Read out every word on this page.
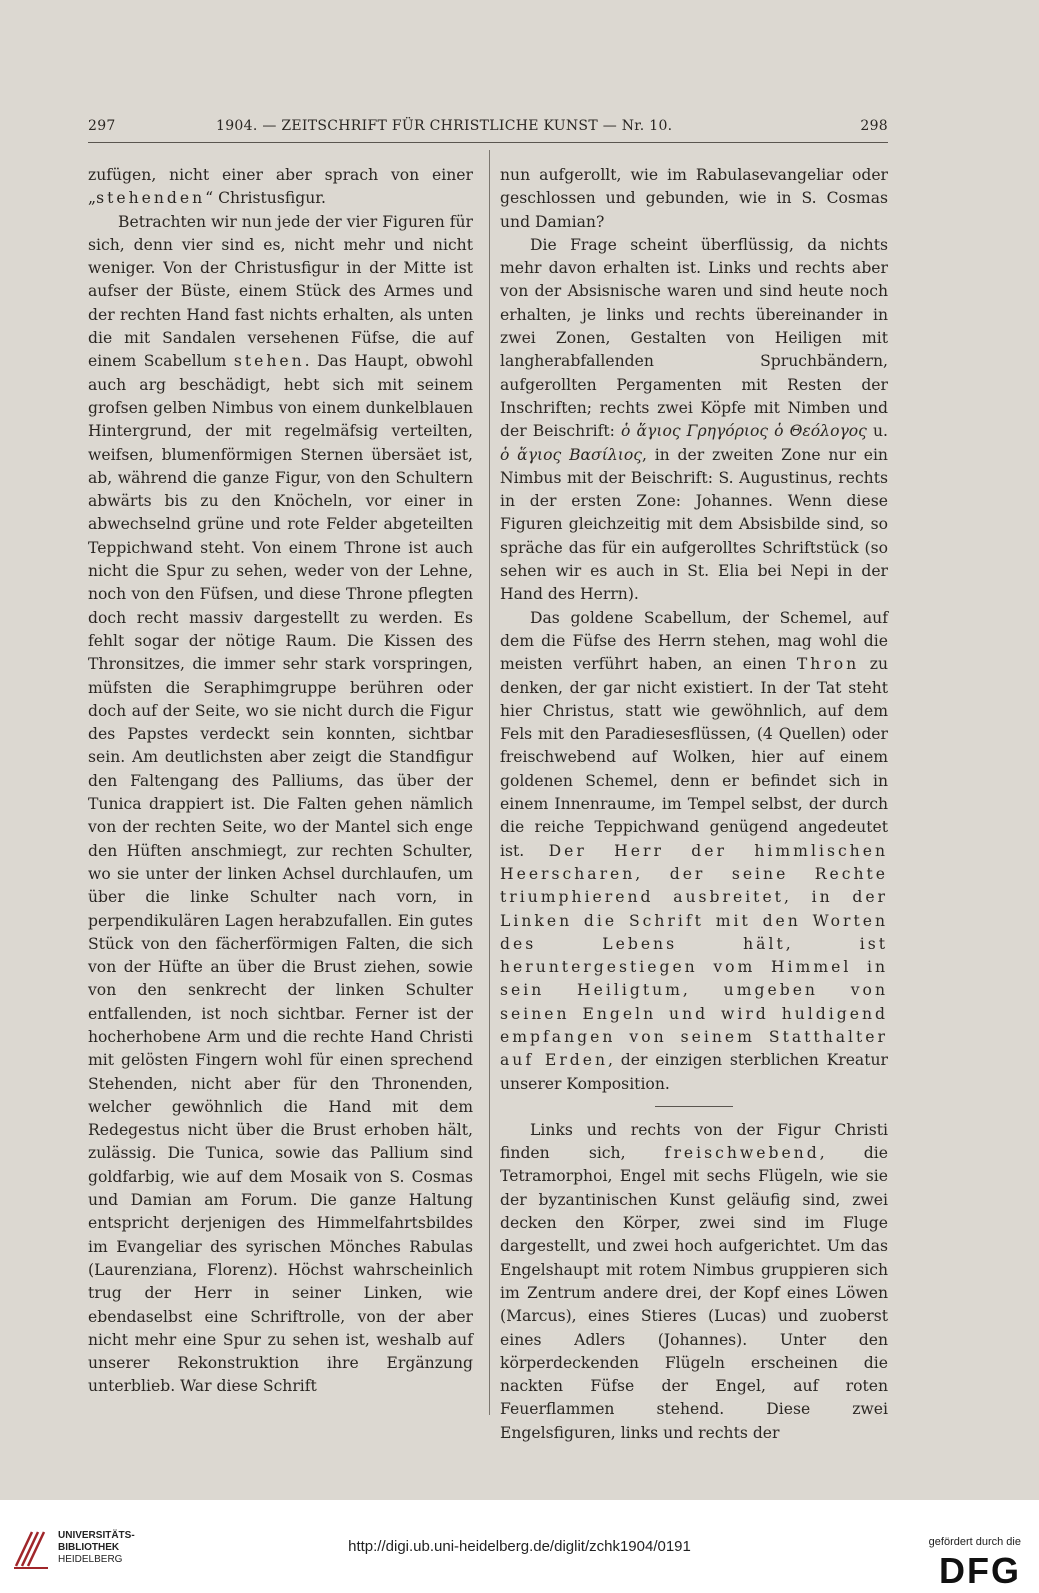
297	1904. — ZEITSCHRIFT FÜR CHRISTLICHE KUNST — Nr. 10.	298

zufügen, nicht einer aber sprach von einer „stehenden“ Christusfigur.

Betrachten wir nun jede der vier Figuren für sich, denn vier sind es, nicht mehr und nicht weniger. Von der Christusfigur in der Mitte ist aufser der Büste, einem Stück des Armes und der rechten Hand fast nichts erhalten, als unten die mit Sandalen versehenen Füfse, die auf einem Scabellum stehen. Das Haupt, obwohl auch arg beschädigt, hebt sich mit seinem grofsen gelben Nimbus von einem dunkelblauen Hintergrund, der mit regelmäfsig verteilten, weifsen, blumenförmigen Sternen übersäet ist, ab, während die ganze Figur, von den Schultern abwärts bis zu den Knöcheln, vor einer in abwechselnd grüne und rote Felder abgeteilten Teppichwand steht. Von einem Throne ist auch nicht die Spur zu sehen, weder von der Lehne, noch von den Füfsen, und diese Throne pflegten doch recht massiv dargestellt zu werden. Es fehlt sogar der nötige Raum. Die Kissen des Thronsitzes, die immer sehr stark vorspringen, müfsten die Seraphimgruppe berühren oder doch auf der Seite, wo sie nicht durch die Figur des Papstes verdeckt sein konnten, sichtbar sein. Am deutlichsten aber zeigt die Standfigur den Faltengang des Palliums, das über der Tunica drappiert ist. Die Falten gehen nämlich von der rechten Seite, wo der Mantel sich enge den Hüften anschmiegt, zur rechten Schulter, wo sie unter der linken Achsel durchlaufen, um über die linke Schulter nach vorn, in perpendikulären Lagen herabzufallen. Ein gutes Stück von den fächerförmigen Falten, die sich von der Hüfte an über die Brust ziehen, sowie von den senkrecht der linken Schulter entfallenden, ist noch sichtbar. Ferner ist der hocherhobene Arm und die rechte Hand Christi mit gelösten Fingern wohl für einen sprechend Stehenden, nicht aber für den Thronenden, welcher gewöhnlich die Hand mit dem Redegestus nicht über die Brust erhoben hält, zulässig. Die Tunica, sowie das Pallium sind goldfarbig, wie auf dem Mosaik von S. Cosmas und Damian am Forum. Die ganze Haltung entspricht derjenigen des Himmelfahrtsbildes im Evangeliar des syrischen Mönches Rabulas (Laurenziana, Florenz). Höchst wahrscheinlich trug der Herr in seiner Linken, wie ebendaselbst eine Schriftrolle, von der aber nicht mehr eine Spur zu sehen ist, weshalb auf unserer Rekonstruktion ihre Ergänzung unterblieb. War diese Schrift

nun aufgerollt, wie im Rabulasevangeliar oder geschlossen und gebunden, wie in S. Cosmas und Damian?

Die Frage scheint überflüssig, da nichts mehr davon erhalten ist. Links und rechts aber von der Absisnische waren und sind heute noch erhalten, je links und rechts übereinander in zwei Zonen, Gestalten von Heiligen mit langherabfallenden Spruchbändern, aufgerollten Pergamenten mit Resten der Inschriften; rechts zwei Köpfe mit Nimben und der Beischrift: ὁ ἅγιος Γρηγόριος ὁ Θεόλογος u. ὁ ἅγιος Βασίλιος, in der zweiten Zone nur ein Nimbus mit der Beischrift: S. Augustinus, rechts in der ersten Zone: Johannes. Wenn diese Figuren gleichzeitig mit dem Absisbilde sind, so spräche das für ein aufgerolltes Schriftstück (so sehen wir es auch in St. Elia bei Nepi in der Hand des Herrn).

Das goldene Scabellum, der Schemel, auf dem die Füfse des Herrn stehen, mag wohl die meisten verführt haben, an einen Thron zu denken, der gar nicht existiert. In der Tat steht hier Christus, statt wie gewöhnlich, auf dem Fels mit den Paradiesesflüssen, (4 Quellen) oder freischwebend auf Wolken, hier auf einem goldenen Schemel, denn er befindet sich in einem Innenraume, im Tempel selbst, der durch die reiche Teppichwand genügend angedeutet ist. Der Herr der himmlischen Heerscharen, der seine Rechte triumphierend ausbreitet, in der Linken die Schrift mit den Worten des Lebens hält, ist heruntergestiegen vom Himmel in sein Heiligtum, umgeben von seinen Engeln und wird huldigend empfangen von seinem Statthalter auf Erden, der einzigen sterblichen Kreatur unserer Komposition.

Links und rechts von der Figur Christi finden sich, freischwebend, die Tetramorphoi, Engel mit sechs Flügeln, wie sie der byzantinischen Kunst geläufig sind, zwei decken den Körper, zwei sind im Fluge dargestellt, und zwei hoch aufgerichtet. Um das Engelshaupt mit rotem Nimbus gruppieren sich im Zentrum andere drei, der Kopf eines Löwen (Marcus), eines Stieres (Lucas) und zuoberst eines Adlers (Johannes). Unter den körperdeckenden Flügeln erscheinen die nackten Füfse der Engel, auf roten Feuerflammen stehend. Diese zwei Engelsfiguren, links und rechts der

UNIVERSITÄTS-
BIBLIOTHEK
HEIDELBERG
http://digi.ub.uni-heidelberg.de/diglit/zchk1904/0191	gefördert durch die
DFG
